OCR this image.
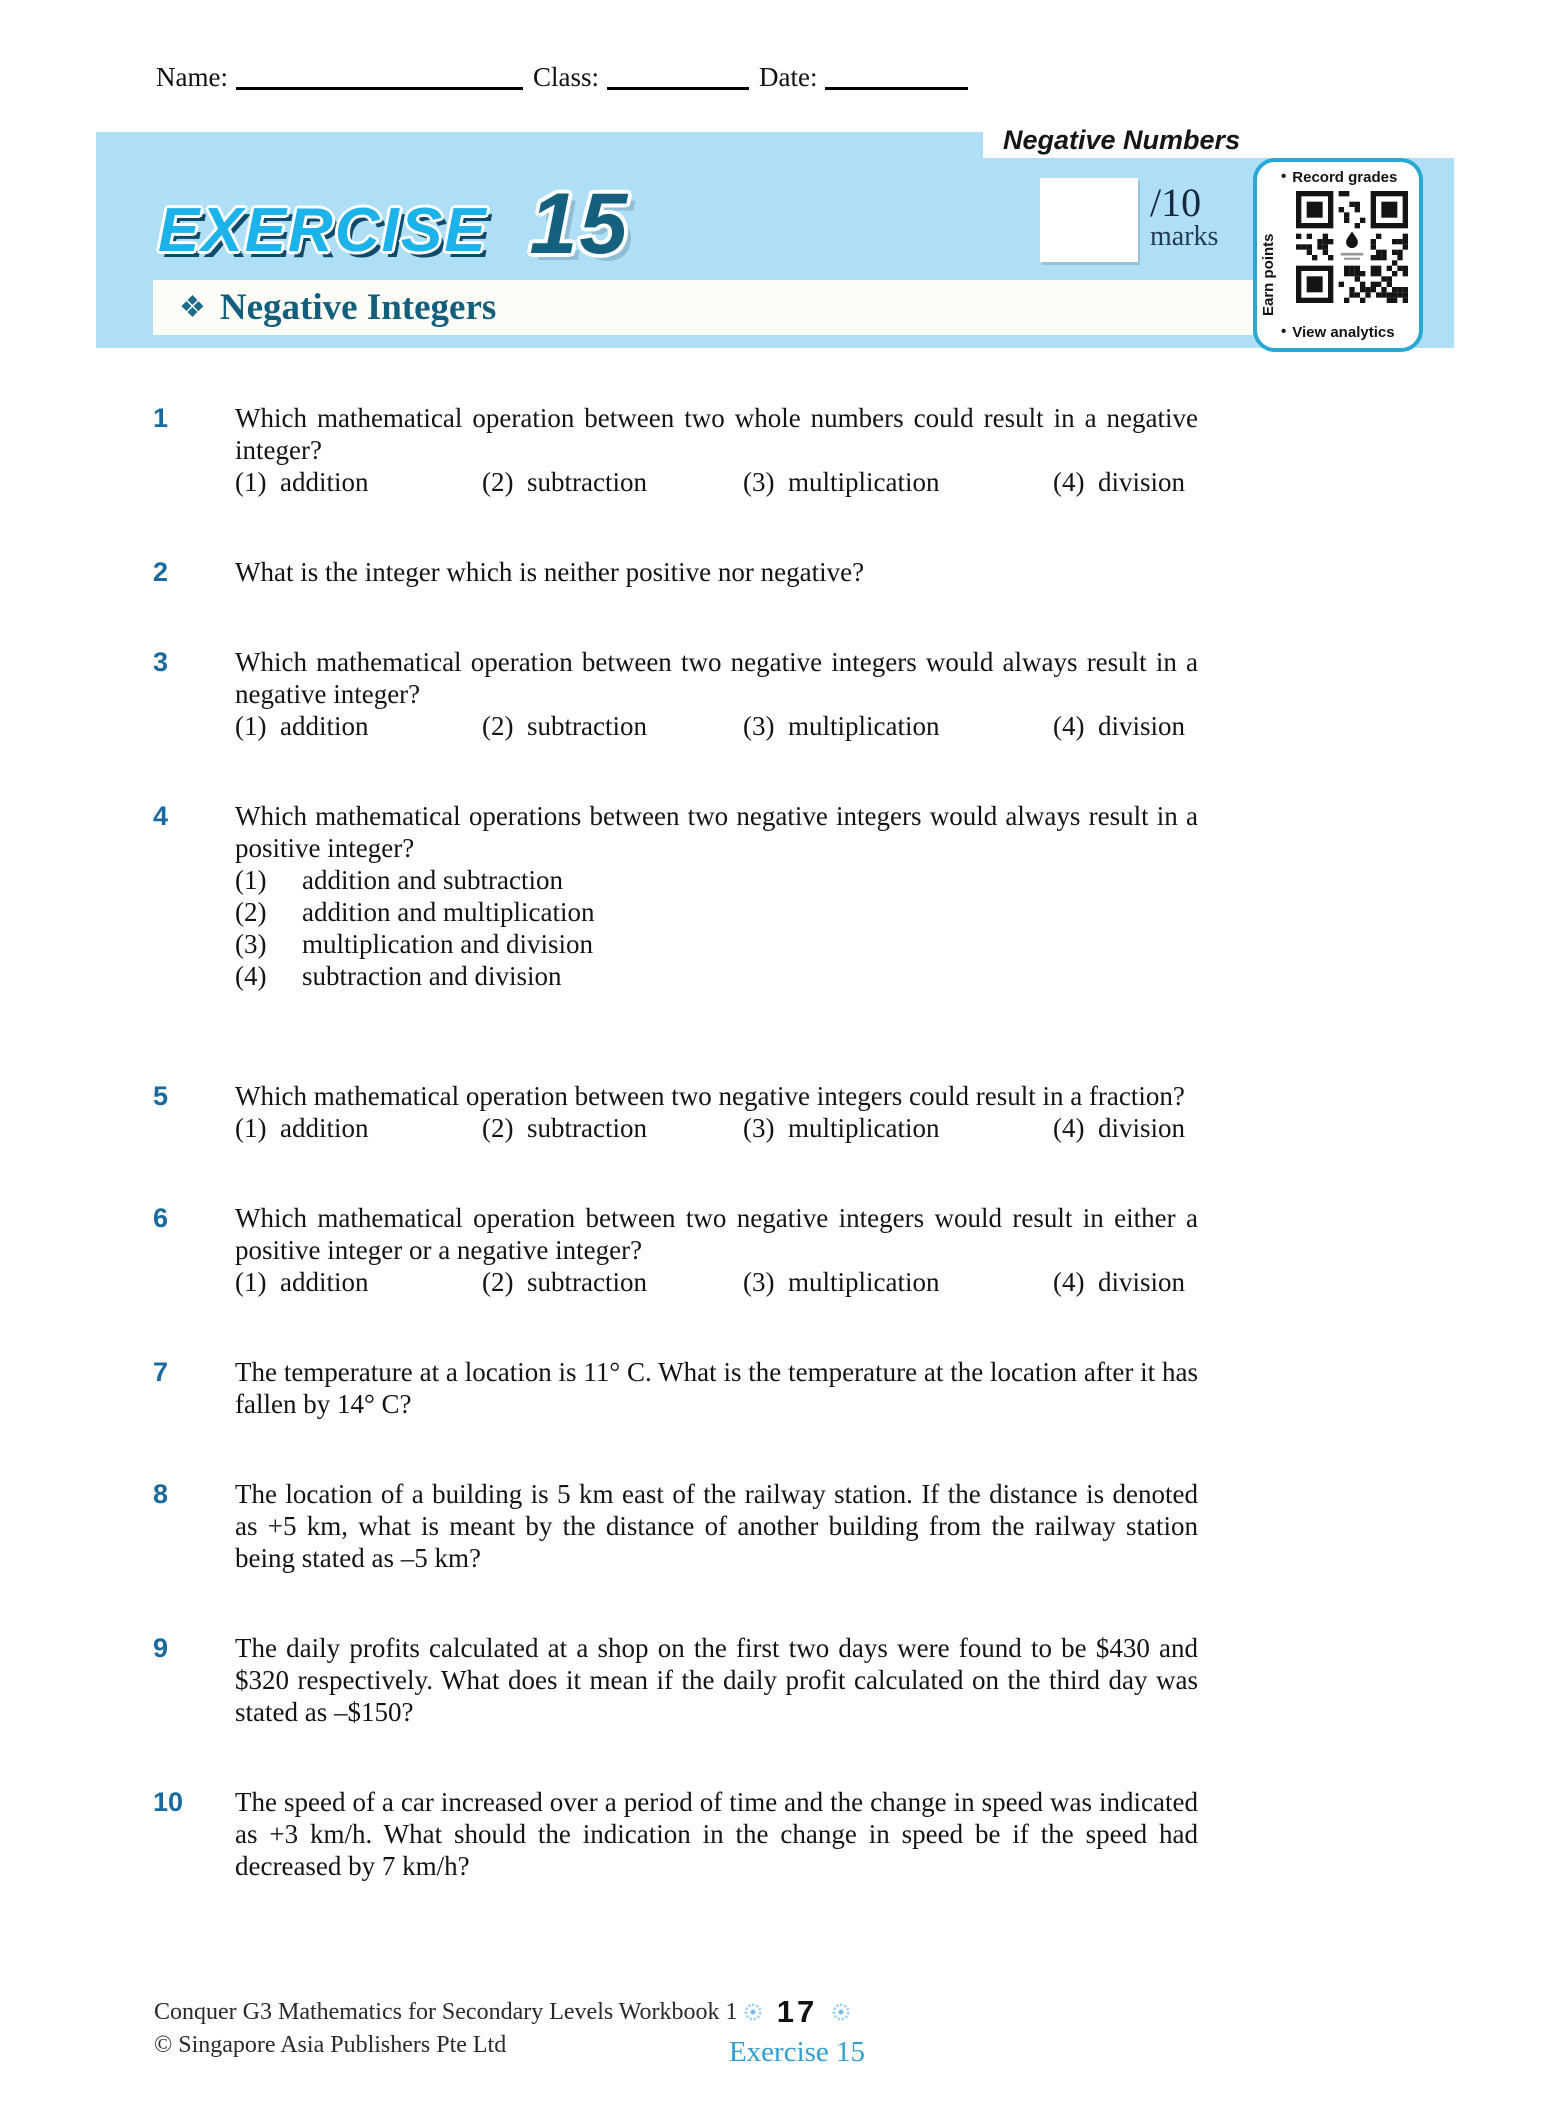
Name:	Class:	Date:
Negative Numbers
EXERCISE 15	/10
marks
❖ Negative Integers
• Record grades
Earn points
• View analytics
1	Which mathematical operation between two whole numbers could result in a negative integer?
(1)  addition	(2)  subtraction	(3)  multiplication	(4)  division
2	What is the integer which is neither positive nor negative?
3	Which mathematical operation between two negative integers would always result in a negative integer?
(1)  addition	(2)  subtraction	(3)  multiplication	(4)  division
4	Which mathematical operations between two negative integers would always result in a positive integer?
(1)	addition and subtraction
(2)	addition and multiplication
(3)	multiplication and division
(4)	subtraction and division
5	Which mathematical operation between two negative integers could result in a fraction?
(1)  addition	(2)  subtraction	(3)  multiplication	(4)  division
6	Which mathematical operation between two negative integers would result in either a positive integer or a negative integer?
(1)  addition	(2)  subtraction	(3)  multiplication	(4)  division
7	The temperature at a location is 11° C. What is the temperature at the location after it has fallen by 14° C?
8	The location of a building is 5 km east of the railway station. If the distance is denoted as +5 km, what is meant by the distance of another building from the railway station being stated as –5 km?
9	The daily profits calculated at a shop on the first two days were found to be $430 and $320 respectively. What does it mean if the daily profit calculated on the third day was stated as –$150?
10	The speed of a car increased over a period of time and the change in speed was indicated as +3 km/h. What should the indication in the change in speed be if the speed had decreased by 7 km/h?
Conquer G3 Mathematics for Secondary Levels Workbook 1
© Singapore Asia Publishers Pte Ltd
17
Exercise 15
